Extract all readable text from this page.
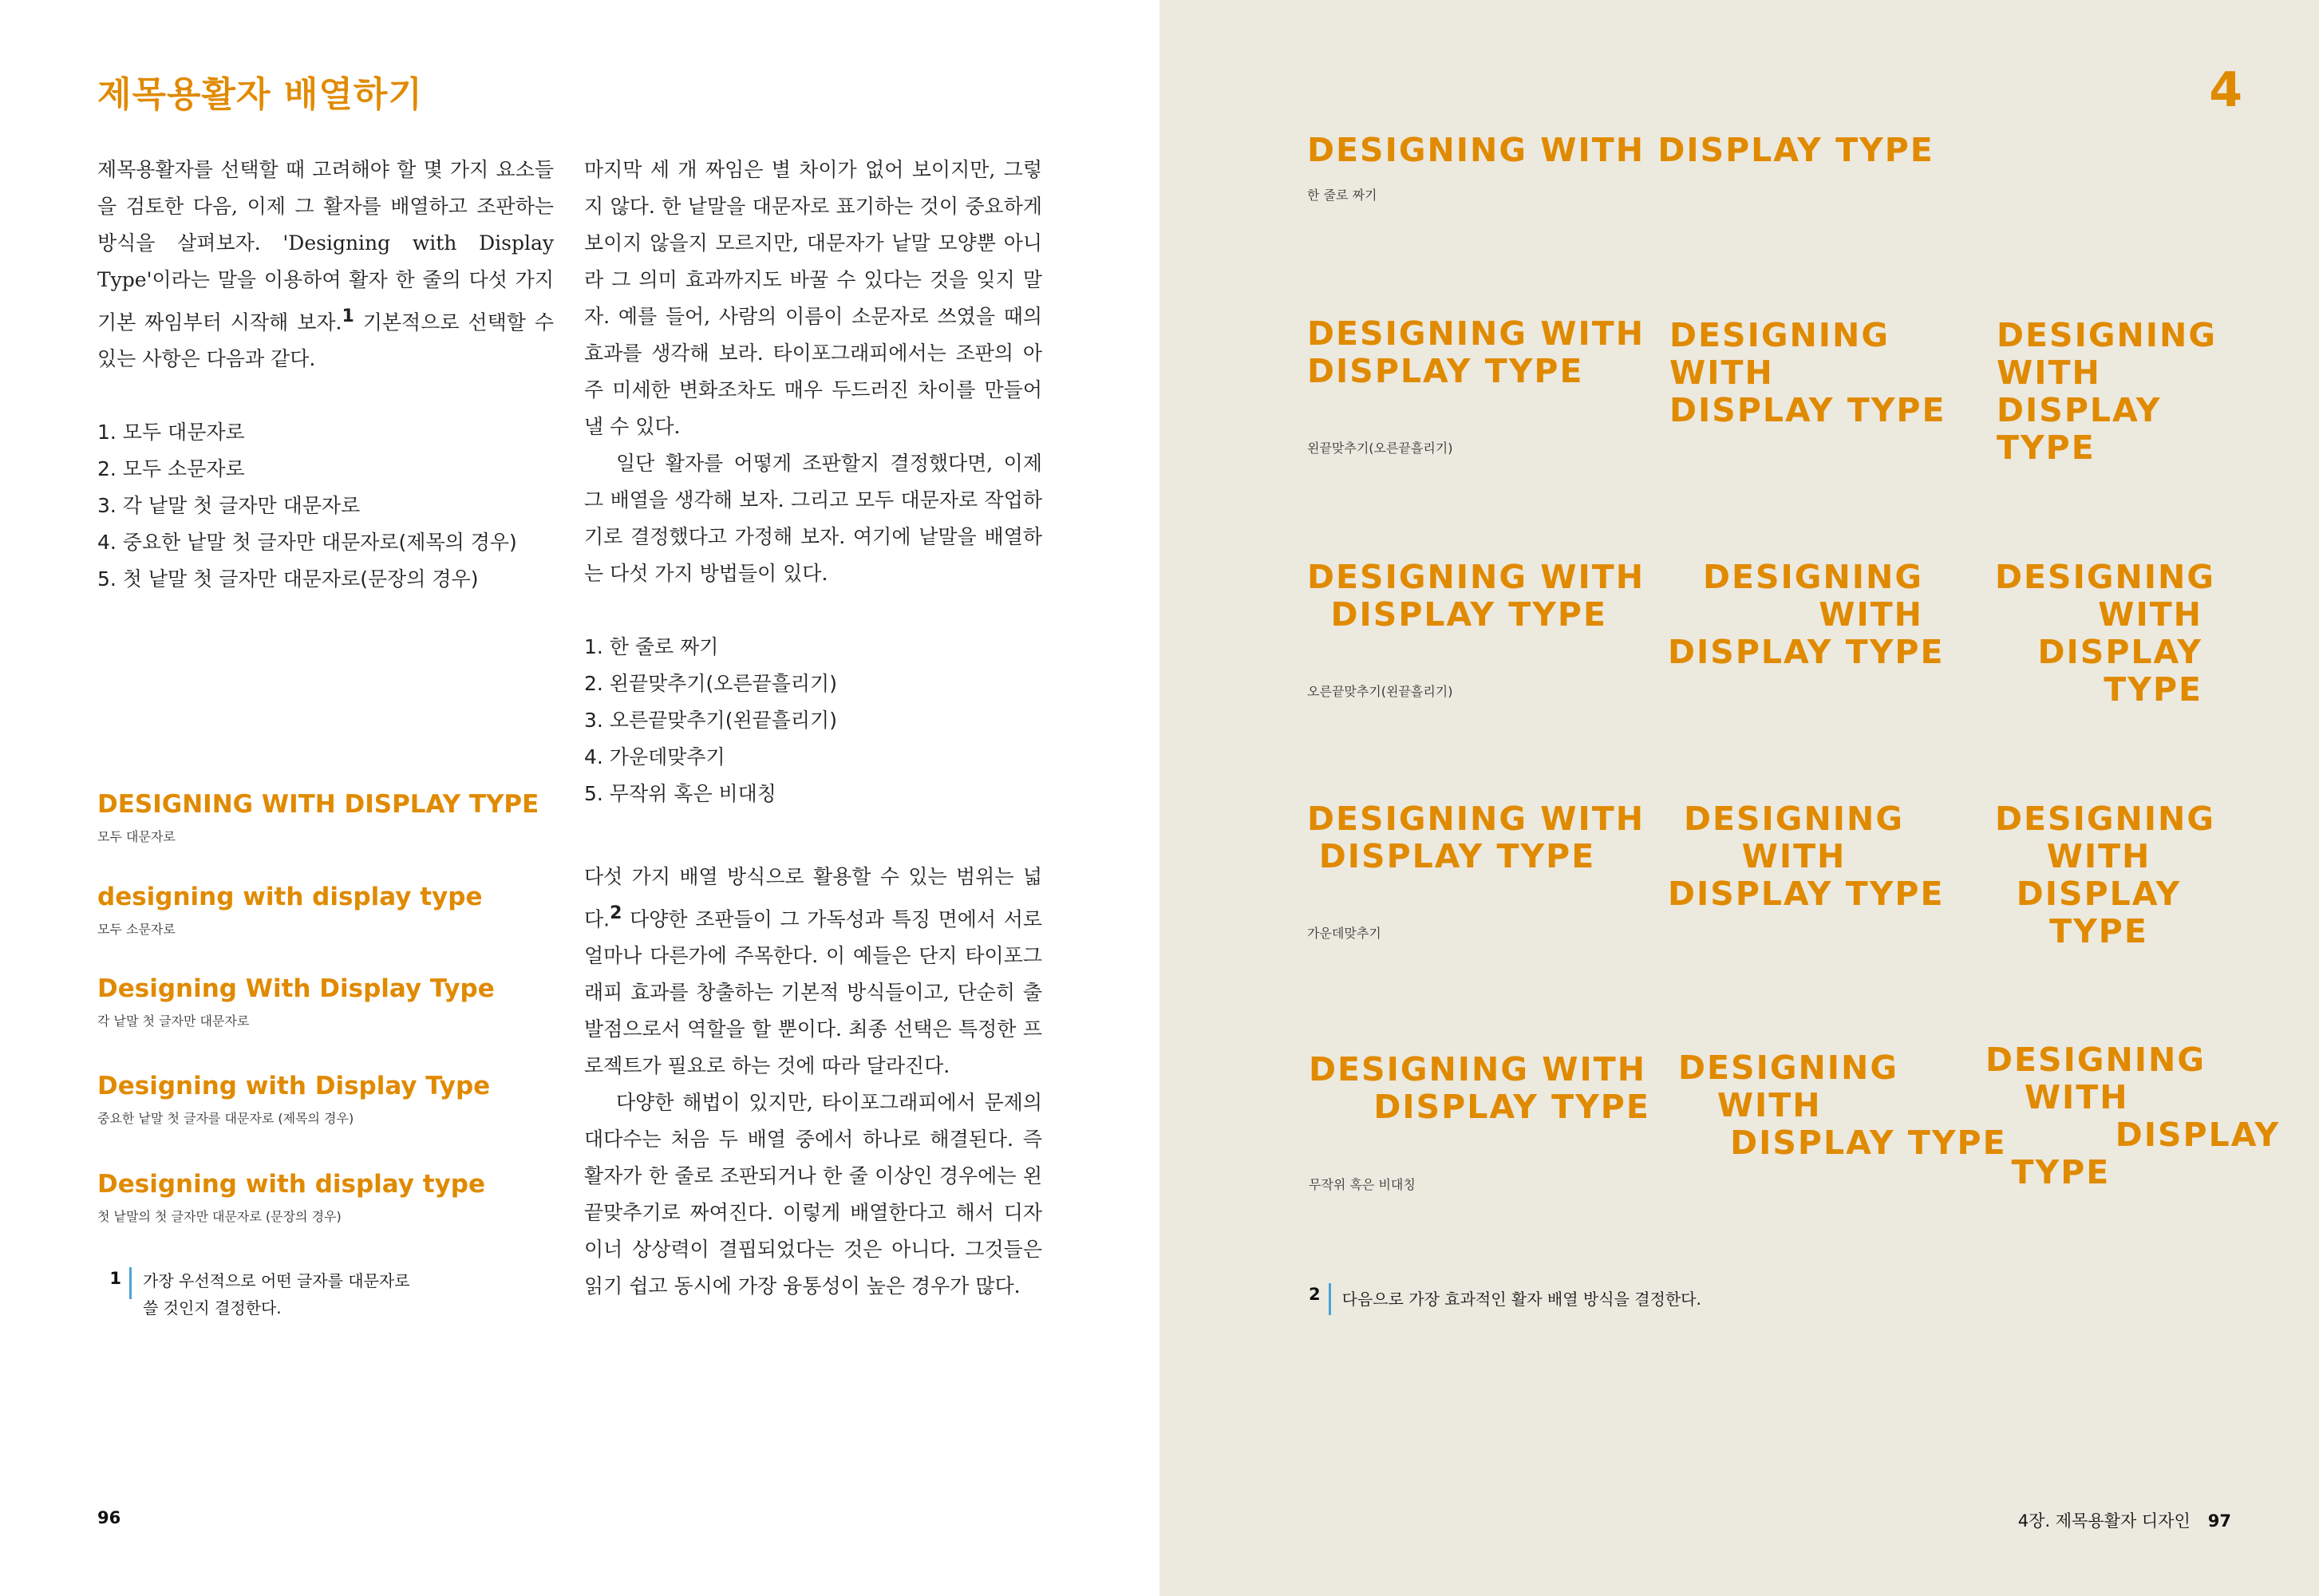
제목용활자 배열하기

제목용활자를 선택할 때 고려해야 할 몇 가지 요소들을 검토한 다음, 이제 그 활자를 배열하고 조판하는 방식을 살펴보자. 'Designing with Display Type'이라는 말을 이용하여 활자 한 줄의 다섯 가지 기본 짜임부터 시작해 보자.$^1$ 기본적으로 선택할 수 있는 사항은 다음과 같다.

1. 모두 대문자로
2. 모두 소문자로
3. 각 낱말 첫 글자만 대문자로
4. 중요한 낱말 첫 글자만 대문자로(제목의 경우)
5. 첫 낱말 첫 글자만 대문자로(문장의 경우)
DESIGNING WITH DISPLAY TYPE
모두 대문자로
designing with display type
모두 소문자로
Designing With Display Type
각 낱말 첫 글자만 대문자로
Designing with Display Type
중요한 낱말 첫 글자를 대문자로 (제목의 경우)
Designing with display type
첫 낱말의 첫 글자만 대문자로 (문장의 경우)
1	가장 우선적으로 어떤 글자를 대문자로
쓸 것인지 결정한다.

마지막 세 개 짜임은 별 차이가 없어 보이지만, 그렇지 않다. 한 낱말을 대문자로 표기하는 것이 중요하게 보이지 않을지 모르지만, 대문자가 낱말 모양뿐 아니라 그 의미 효과까지도 바꿀 수 있다는 것을 잊지 말자. 예를 들어, 사람의 이름이 소문자로 쓰였을 때의 효과를 생각해 보라. 타이포그래피에서는 조판의 아주 미세한 변화조차도 매우 두드러진 차이를 만들어 낼 수 있다.

일단 활자를 어떻게 조판할지 결정했다면, 이제 그 배열을 생각해 보자. 그리고 모두 대문자로 작업하기로 결정했다고 가정해 보자. 여기에 낱말을 배열하는 다섯 가지 방법들이 있다.

1. 한 줄로 짜기
2. 왼끝맞추기(오른끝흘리기)
3. 오른끝맞추기(왼끝흘리기)
4. 가운데맞추기
5. 무작위 혹은 비대칭

다섯 가지 배열 방식으로 활용할 수 있는 범위는 넓다.$^2$ 다양한 조판들이 그 가독성과 특징 면에서 서로 얼마나 다른가에 주목한다. 이 예들은 단지 타이포그래피 효과를 창출하는 기본적 방식들이고, 단순히 출발점으로서 역할을 할 뿐이다. 최종 선택은 특정한 프로젝트가 필요로 하는 것에 따라 달라진다.

다양한 해법이 있지만, 타이포그래피에서 문제의 대다수는 처음 두 배열 중에서 하나로 해결된다. 즉 활자가 한 줄로 조판되거나 한 줄 이상인 경우에는 왼끝맞추기로 짜여진다. 이렇게 배열한다고 해서 디자이너 상상력이 결핍되었다는 것은 아니다. 그것들은 읽기 쉽고 동시에 가장 융통성이 높은 경우가 많다.

96
4
DESIGNING WITH DISPLAY TYPE
한 줄로 짜기
DESIGNING WITH
DISPLAY TYPE
DESIGNING
WITH
DISPLAY TYPE
DESIGNING
WITH
DISPLAY
TYPE
왼끝맞추기(오른끝흘리기)
DESIGNING WITH
DISPLAY TYPE
DESIGNING
WITH
DISPLAY TYPE
DESIGNING
WITH
DISPLAY
TYPE
오른끝맞추기(왼끝흘리기)
DESIGNING WITH
DISPLAY TYPE
DESIGNING
WITH
DISPLAY TYPE
DESIGNING
WITH
DISPLAY
TYPE
가운데맞추기
DESIGNING WITH
DISPLAY TYPE
DESIGNING
WITH
DISPLAY TYPE
DESIGNING
WITH
DISPLAY
TYPE
무작위 혹은 비대칭
2	다음으로 가장 효과적인 활자 배열 방식을 결정한다.
4장. 제목용활자 디자인 97
